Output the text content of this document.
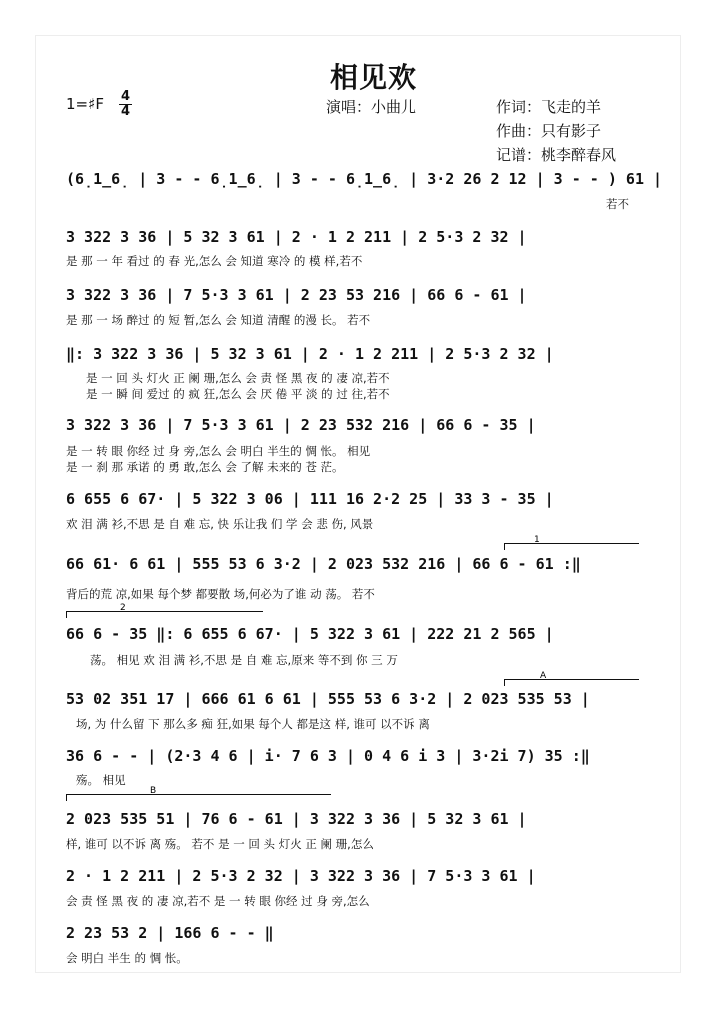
相见欢
1=♯F 4
4	演唱：小曲儿	作词：飞走的羊
作曲：只有影子
记谱：桃李醉春风
(6̣1̲6̣ | 3 - - 6̣1̲6̣ | 3 - - 6̣1̲6̣ | 3·2 26 2 12 | 3 - - ) 61 |
若不
3 322 3 36 | 5 32 3 61 | 2 · 1 2 211 | 2 5·3 2 32 |
是 那 一 年 看过 的 春 光,怎么 会 知道 寒冷 的 模 样,若不
3 322 3 36 | 7 5·3 3 61 | 2 23 53 216 | 66 6 - 61 |
是 那 一 场 醉过 的 短 暂,怎么 会 知道 清醒 的漫 长。 若不
‖: 3 322 3 36 | 5 32 3 61 | 2 · 1 2 211 | 2 5·3 2 32 |
是 一 回 头 灯火 正 阑 珊,怎么 会 责 怪 黑 夜 的 凄 凉,若不
是 一 瞬 间 爱过 的 疯 狂,怎么 会 厌 倦 平 淡 的 过 往,若不
3 322 3 36 | 7 5·3 3 61 | 2 23 532 216 | 66 6 - 35 |
是 一 转 眼 你经 过 身 旁,怎么 会 明白 半生的 惆 怅。 相见
是 一 刹 那 承诺 的 勇 敢,怎么 会 了解 未来的 苍 茫。
6 655 6 67· | 5 322 3 06 | 111 16 2·2 25 | 33 3 - 35 |
欢 泪 满 衫,不思 是 自 难 忘, 快 乐让我 们 学 会 悲 伤, 风景
1
66 61· 6 61 | 555 53 6 3·2 | 2 023 532 216 | 66 6 - 61 :‖
背后的荒 凉,如果 每个梦 都要散 场,何必为了谁 动 荡。 若不
2
66 6 - 35 ‖: 6 655 6 67· | 5 322 3 61 | 222 21 2 565 |
荡。 相见 欢 泪 满 衫,不思 是 自 难 忘,原来 等不到 你 三 万
A
53 02 351 17 | 666 61 6 61 | 555 53 6 3·2 | 2 023 535 53 |
场, 为 什么留 下 那么多 痴 狂,如果 每个人 都是这 样, 谁可 以不诉 离
36 6 - - | (2·3 4 6 | i· 7 6 3 | 0 4 6 i 3 | 3·2i 7) 35 :‖
殇。 相见
B
2 023 535 51 | 76 6 - 61 | 3 322 3 36 | 5 32 3 61 |
样, 谁可 以不诉 离 殇。 若不 是 一 回 头 灯火 正 阑 珊,怎么
2 · 1 2 211 | 2 5·3 2 32 | 3 322 3 36 | 7 5·3 3 61 |
会 责 怪 黑 夜 的 凄 凉,若不 是 一 转 眼 你经 过 身 旁,怎么
2 23 53 2 | 166 6 - - ‖
会 明白 半生 的 惆 怅。
